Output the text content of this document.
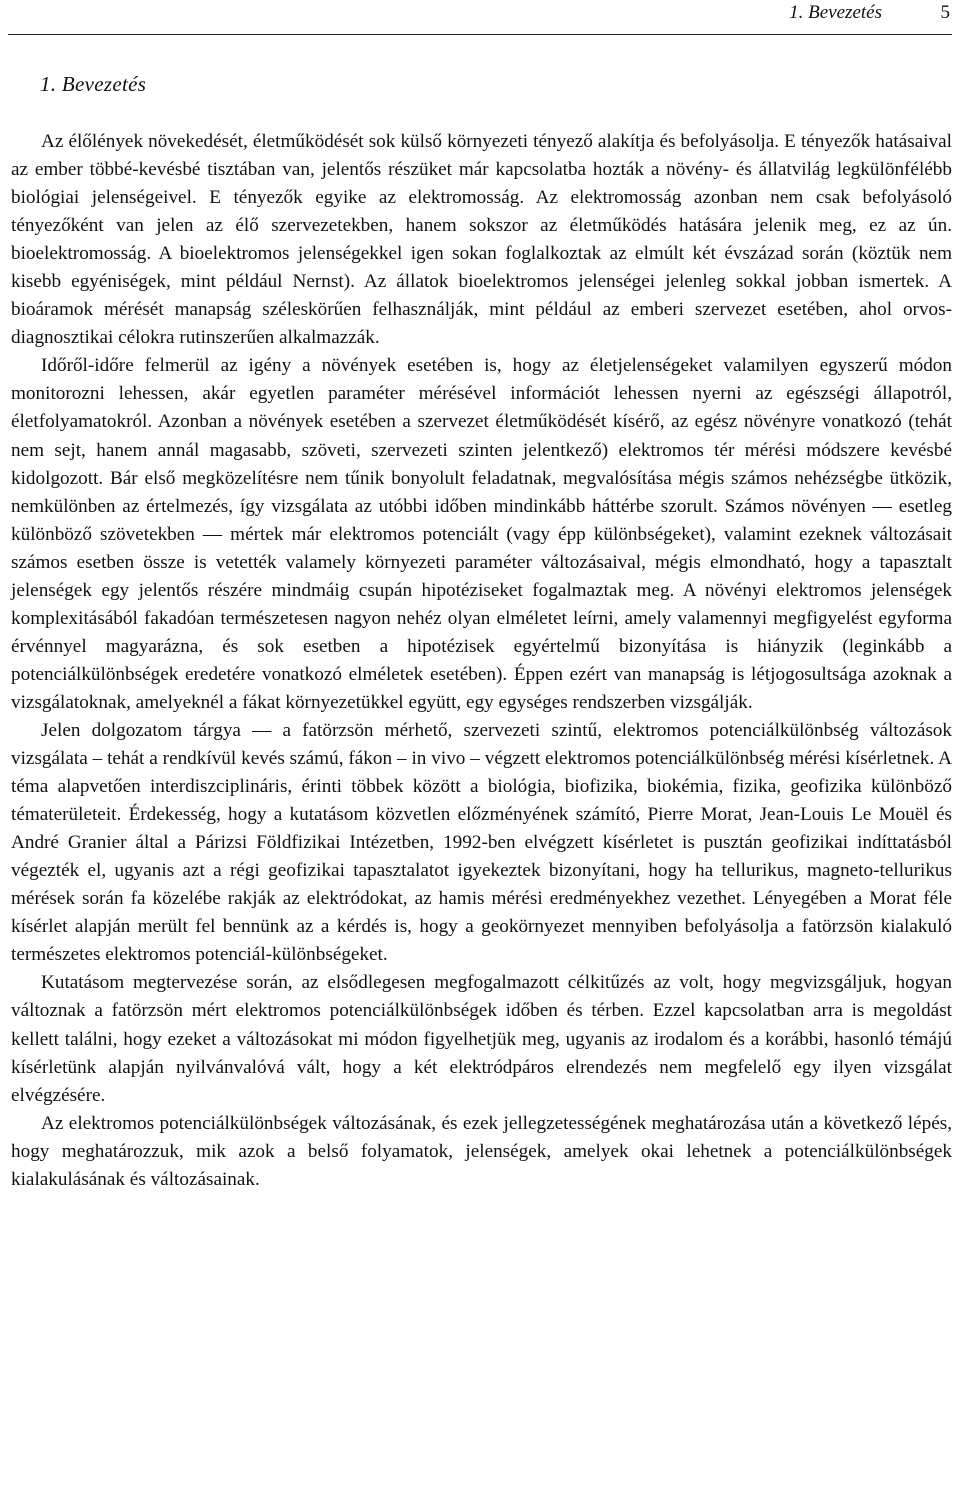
1. Bevezetés	5
1. Bevezetés

Az élőlények növekedését, életműködését sok külső környezeti tényező alakítja és befolyásolja. E tényezők hatásaival az ember többé-kevésbé tisztában van, jelentős részüket már kapcsolatba hozták a növény- és állatvilág legkülönfélébb biológiai jelenségeivel. E tényezők egyike az elektromosság. Az elektromosság azonban nem csak befolyásoló tényezőként van jelen az élő szervezetekben, hanem sokszor az életműködés hatására jelenik meg, ez az ún. bioelektromosság. A bioelektromos jelenségekkel igen sokan foglalkoztak az elmúlt két évszázad során (köztük nem kisebb egyéniségek, mint például Nernst). Az állatok bioelektromos jelenségei jelenleg sokkal jobban ismertek. A bioáramok mérését manapság széleskörűen felhasználják, mint például az emberi szervezet esetében, ahol orvos-diagnosztikai célokra rutinszerűen alkalmazzák.

Időről-időre felmerül az igény a növények esetében is, hogy az életjelenségeket valamilyen egyszerű módon monitorozni lehessen, akár egyetlen paraméter mérésével információt lehessen nyerni az egészségi állapotról, életfolyamatokról. Azonban a növények esetében a szervezet életműködését kísérő, az egész növényre vonatkozó (tehát nem sejt, hanem annál magasabb, szöveti, szervezeti szinten jelentkező) elektromos tér mérési módszere kevésbé kidolgozott. Bár első megközelítésre nem tűnik bonyolult feladatnak, megvalósítása mégis számos nehézségbe ütközik, nemkülönben az értelmezés, így vizsgálata az utóbbi időben mindinkább háttérbe szorult. Számos növényen — esetleg különböző szövetekben — mértek már elektromos potenciált (vagy épp különbségeket), valamint ezeknek változásait számos esetben össze is vetették valamely környezeti paraméter változásaival, mégis elmondható, hogy a tapasztalt jelenségek egy jelentős részére mindmáig csupán hipotéziseket fogalmaztak meg. A növényi elektromos jelenségek komplexitásából fakadóan természetesen nagyon nehéz olyan elméletet leírni, amely valamennyi megfigyelést egyforma érvénnyel magyarázna, és sok esetben a hipotézisek egyértelmű bizonyítása is hiányzik (leginkább a potenciálkülönbségek eredetére vonatkozó elméletek esetében). Éppen ezért van manapság is létjogosultsága azoknak a vizsgálatoknak, amelyeknél a fákat környezetükkel együtt, egy egységes rendszerben vizsgálják.

Jelen dolgozatom tárgya — a fatörzsön mérhető, szervezeti szintű, elektromos potenciálkülönbség változások vizsgálata – tehát a rendkívül kevés számú, fákon – in vivo – végzett elektromos potenciálkülönbség mérési kísérletnek. A téma alapvetően interdiszciplináris, érinti többek között a biológia, biofizika, biokémia, fizika, geofizika különböző tématerületeit. Érdekesség, hogy a kutatásom közvetlen előzményének számító, Pierre Morat, Jean-Louis Le Mouël és André Granier által a Párizsi Földfizikai Intézetben, 1992-ben elvégzett kísérletet is pusztán geofizikai indíttatásból végezték el, ugyanis azt a régi geofizikai tapasztalatot igyekeztek bizonyítani, hogy ha tellurikus, magneto-tellurikus mérések során fa közelébe rakják az elektródokat, az hamis mérési eredményekhez vezethet. Lényegében a Morat féle kísérlet alapján merült fel bennünk az a kérdés is, hogy a geokörnyezet mennyiben befolyásolja a fatörzsön kialakuló természetes elektromos potenciál-különbségeket.

Kutatásom megtervezése során, az elsődlegesen megfogalmazott célkitűzés az volt, hogy megvizsgáljuk, hogyan változnak a fatörzsön mért elektromos potenciálkülönbségek időben és térben. Ezzel kapcsolatban arra is megoldást kellett találni, hogy ezeket a változásokat mi módon figyelhetjük meg, ugyanis az irodalom és a korábbi, hasonló témájú kísérletünk alapján nyilvánvalóvá vált, hogy a két elektródpáros elrendezés nem megfelelő egy ilyen vizsgálat elvégzésére.

Az elektromos potenciálkülönbségek változásának, és ezek jellegzetességének meghatározása után a következő lépés, hogy meghatározzuk, mik azok a belső folyamatok, jelenségek, amelyek okai lehetnek a potenciálkülönbségek kialakulásának és változásainak.
